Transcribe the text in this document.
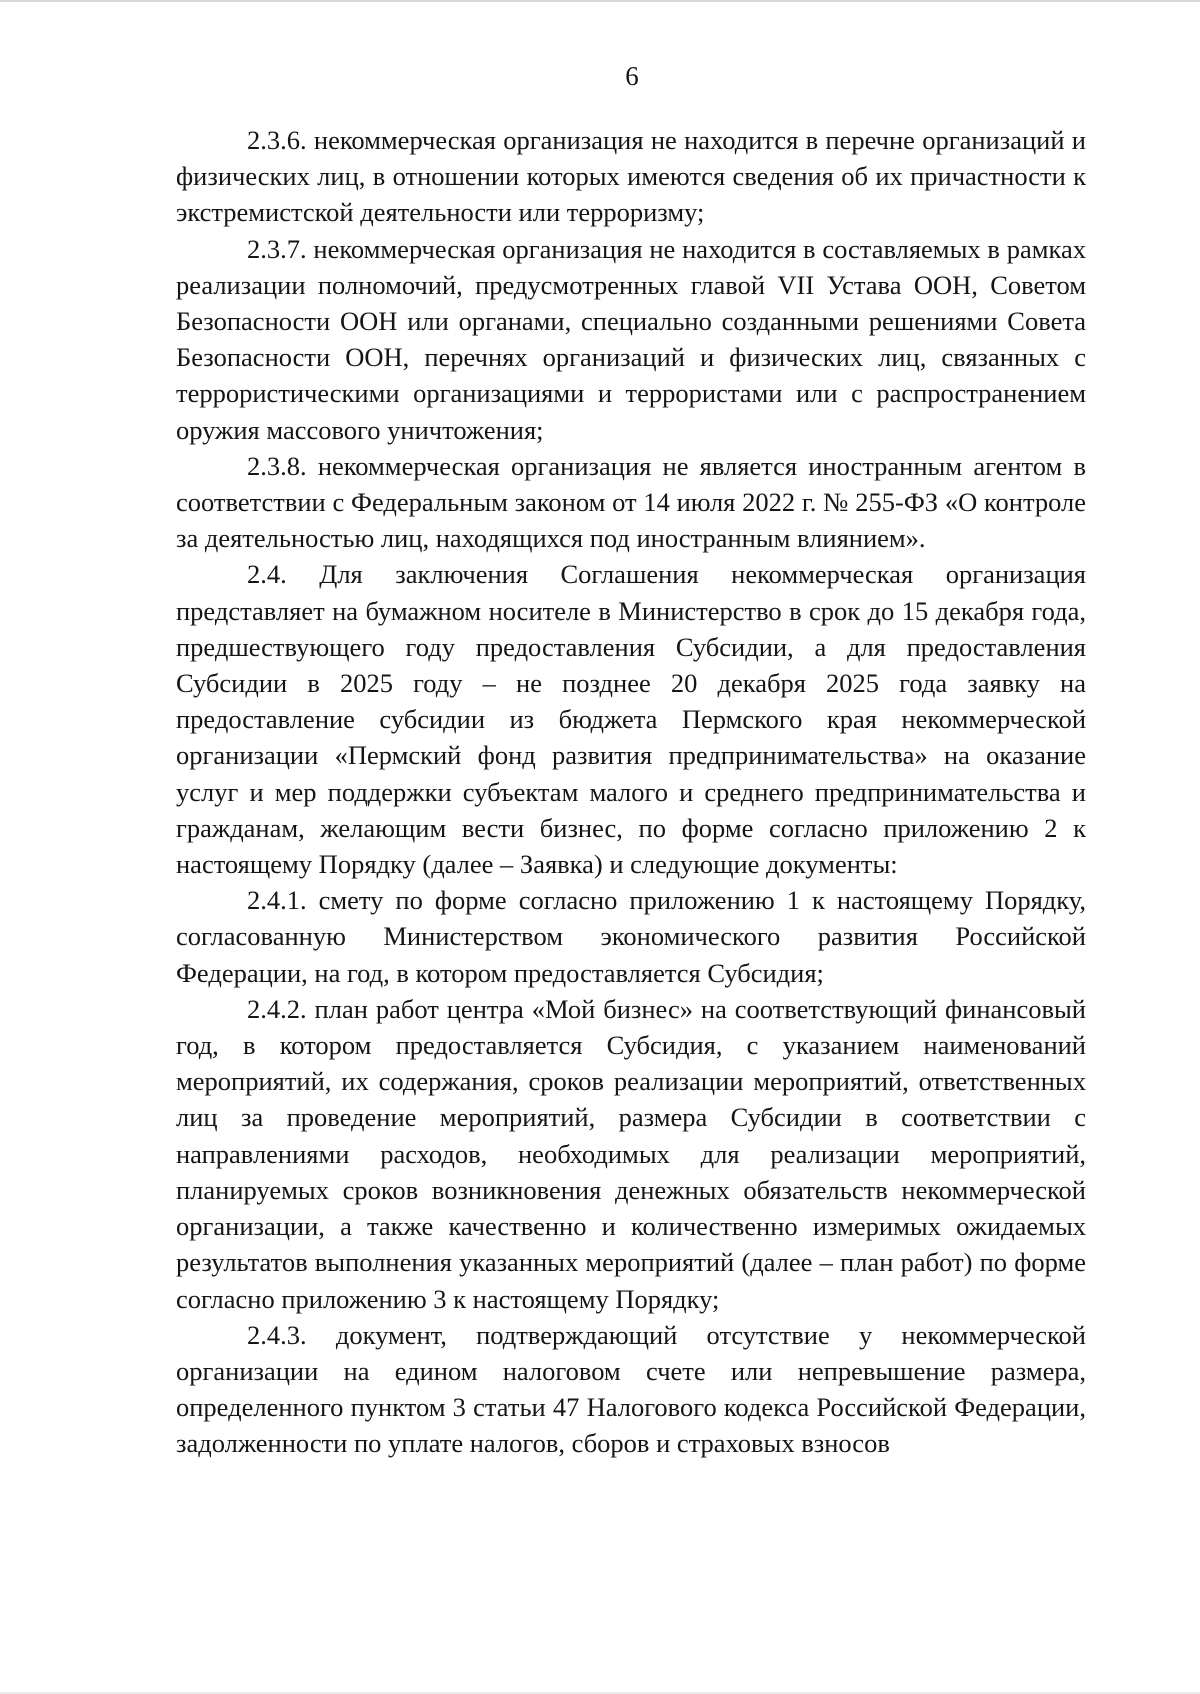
6

2.3.6. некоммерческая организация не находится в перечне организаций и физических лиц, в отношении которых имеются сведения об их причастности к экстремистской деятельности или терроризму;

2.3.7. некоммерческая организация не находится в составляемых в рамках реализации полномочий, предусмотренных главой VII Устава ООН, Советом Безопасности ООН или органами, специально созданными решениями Совета Безопасности ООН, перечнях организаций и физических лиц, связанных с террористическими организациями и террористами или с распространением оружия массового уничтожения;

2.3.8. некоммерческая организация не является иностранным агентом в соответствии с Федеральным законом от 14 июля 2022 г. № 255-ФЗ «О контроле за деятельностью лиц, находящихся под иностранным влиянием».

2.4. Для заключения Соглашения некоммерческая организация представляет на бумажном носителе в Министерство в срок до 15 декабря года, предшествующего году предоставления Субсидии, а для предоставления Субсидии в 2025 году – не позднее 20 декабря 2025 года заявку на предоставление субсидии из бюджета Пермского края некоммерческой организации «Пермский фонд развития предпринимательства» на оказание услуг и мер поддержки субъектам малого и среднего предпринимательства и гражданам, желающим вести бизнес, по форме согласно приложению 2 к настоящему Порядку (далее – Заявка) и следующие документы:

2.4.1. смету по форме согласно приложению 1 к настоящему Порядку, согласованную Министерством экономического развития Российской Федерации, на год, в котором предоставляется Субсидия;

2.4.2. план работ центра «Мой бизнес» на соответствующий финансовый год, в котором предоставляется Субсидия, с указанием наименований мероприятий, их содержания, сроков реализации мероприятий, ответственных лиц за проведение мероприятий, размера Субсидии в соответствии с направлениями расходов, необходимых для реализации мероприятий, планируемых сроков возникновения денежных обязательств некоммерческой организации, а также качественно и количественно измеримых ожидаемых результатов выполнения указанных мероприятий (далее – план работ) по форме согласно приложению 3 к настоящему Порядку;

2.4.3. документ, подтверждающий отсутствие у некоммерческой организации на едином налоговом счете или непревышение размера, определенного пунктом 3 статьи 47 Налогового кодекса Российской Федерации, задолженности по уплате налогов, сборов и страховых взносов
